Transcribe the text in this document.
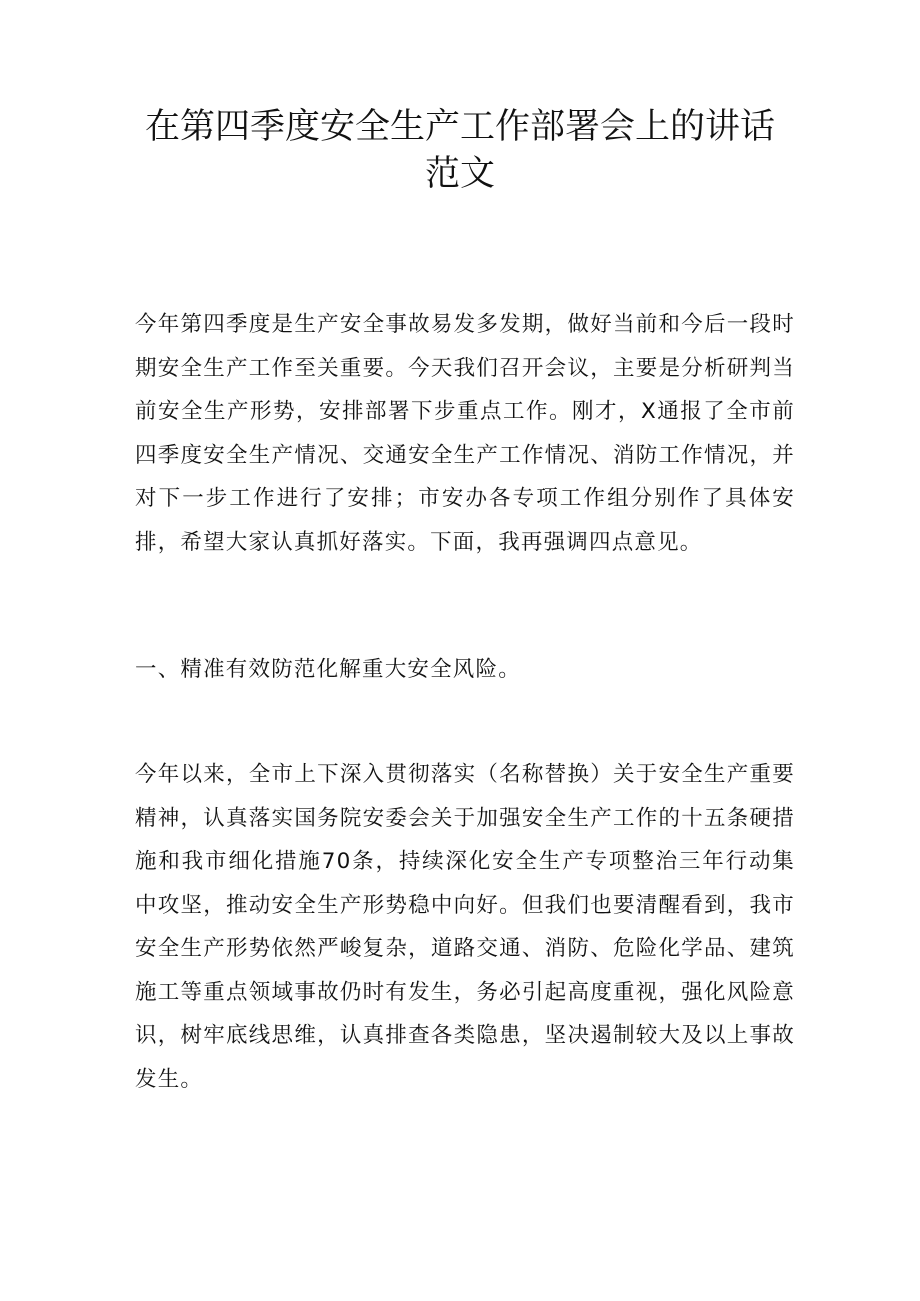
在第四季度安全生产工作部署会上的讲话
范文

今年第四季度是生产安全事故易发多发期，做好当前和今后一段时期安全生产工作至关重要。今天我们召开会议，主要是分析研判当前安全生产形势，安排部署下步重点工作。刚才，X通报了全市前四季度安全生产情况、交通安全生产工作情况、消防工作情况，并对下一步工作进行了安排；市安办各专项工作组分别作了具体安排，希望大家认真抓好落实。下面，我再强调四点意见。

一、精准有效防范化解重大安全风险。

今年以来，全市上下深入贯彻落实（名称替换）关于安全生产重要精神，认真落实国务院安委会关于加强安全生产工作的十五条硬措施和我市细化措施70条，持续深化安全生产专项整治三年行动集中攻坚，推动安全生产形势稳中向好。但我们也要清醒看到，我市安全生产形势依然严峻复杂，道路交通、消防、危险化学品、建筑施工等重点领域事故仍时有发生，务必引起高度重视，强化风险意识，树牢底线思维，认真排查各类隐患，坚决遏制较大及以上事故发生。
